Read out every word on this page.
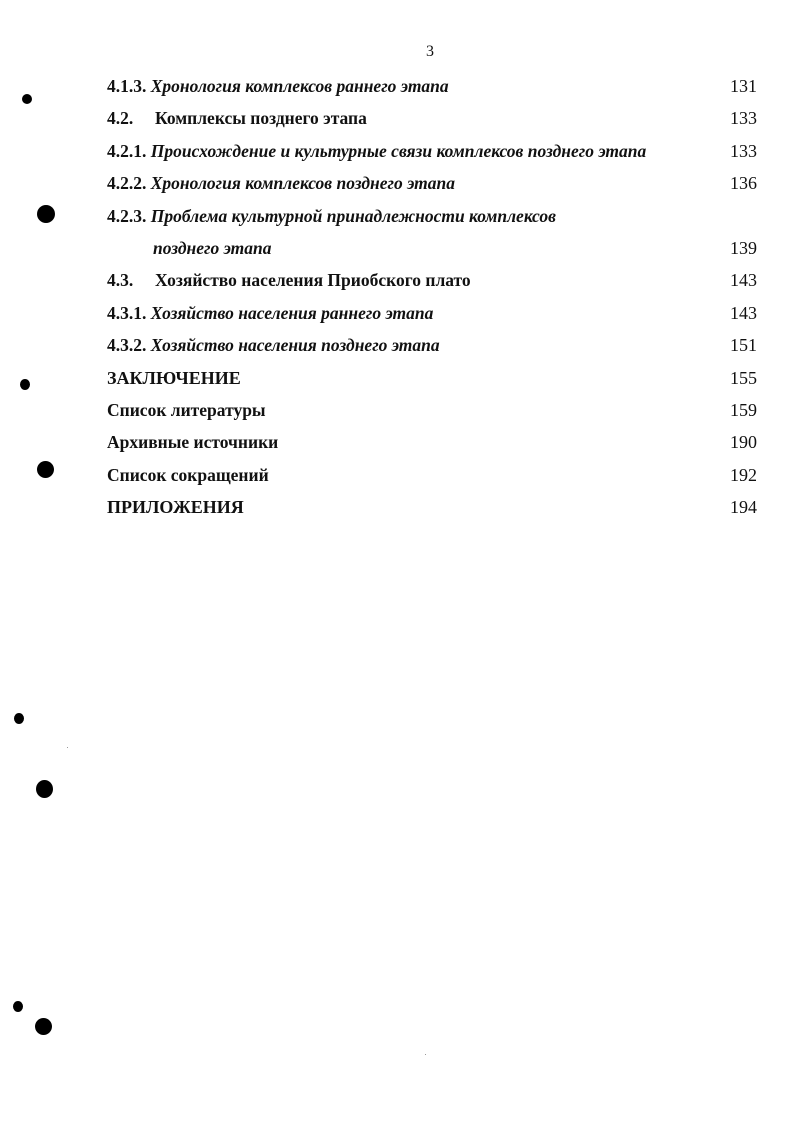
3
4.1.3. Хронология комплексов раннего этапа	131
4.2. Комплексы позднего этапа	133
4.2.1. Происхождение и культурные связи комплексов позднего этапа	133
4.2.2. Хронология комплексов позднего этапа	136
4.2.3. Проблема культурной принадлежности комплексов
позднего этапа	139
4.3. Хозяйство населения Приобского плато	143
4.3.1. Хозяйство населения раннего этапа	143
4.3.2. Хозяйство населения позднего этапа	151
ЗАКЛЮЧЕНИЕ	155
Список литературы	159
Архивные источники	190
Список сокращений	192
ПРИЛОЖЕНИЯ	194
